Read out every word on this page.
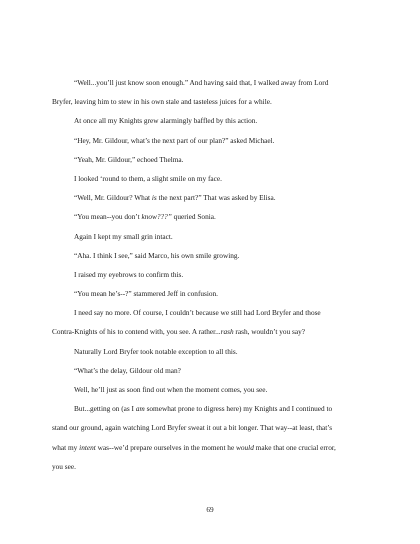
“Well...you’ll just know soon enough.” And having said that, I walked away from Lord

Bryfer, leaving him to stew in his own stale and tasteless juices for a while.

At once all my Knights grew alarmingly baffled by this action.

“Hey, Mr. Gildour, what’s the next part of our plan?” asked Michael.

“Yeah, Mr. Gildour,” echoed Thelma.

I looked ‘round to them, a slight smile on my face.

“Well, Mr. Gildour? What is the next part?” That was asked by Elisa.

“You mean--you don’t know???” queried Sonia.

Again I kept my small grin intact.

“Aha. I think I see,” said Marco, his own smile growing.

I raised my eyebrows to confirm this.

“You mean he’s--?” stammered Jeff in confusion.

I need say no more. Of course, I couldn’t because we still had Lord Bryfer and those

Contra-Knights of his to contend with, you see. A rather...rash rash, wouldn’t you say?

Naturally Lord Bryfer took notable exception to all this.

“What’s the delay, Gildour old man?

Well, he’ll just as soon find out when the moment comes, you see.

But...getting on (as I am somewhat prone to digress here) my Knights and I continued to

stand our ground, again watching Lord Bryfer sweat it out a bit longer. That way--at least, that’s

what my intent was--we’d prepare ourselves in the moment he would make that one crucial error,

you see.

69
